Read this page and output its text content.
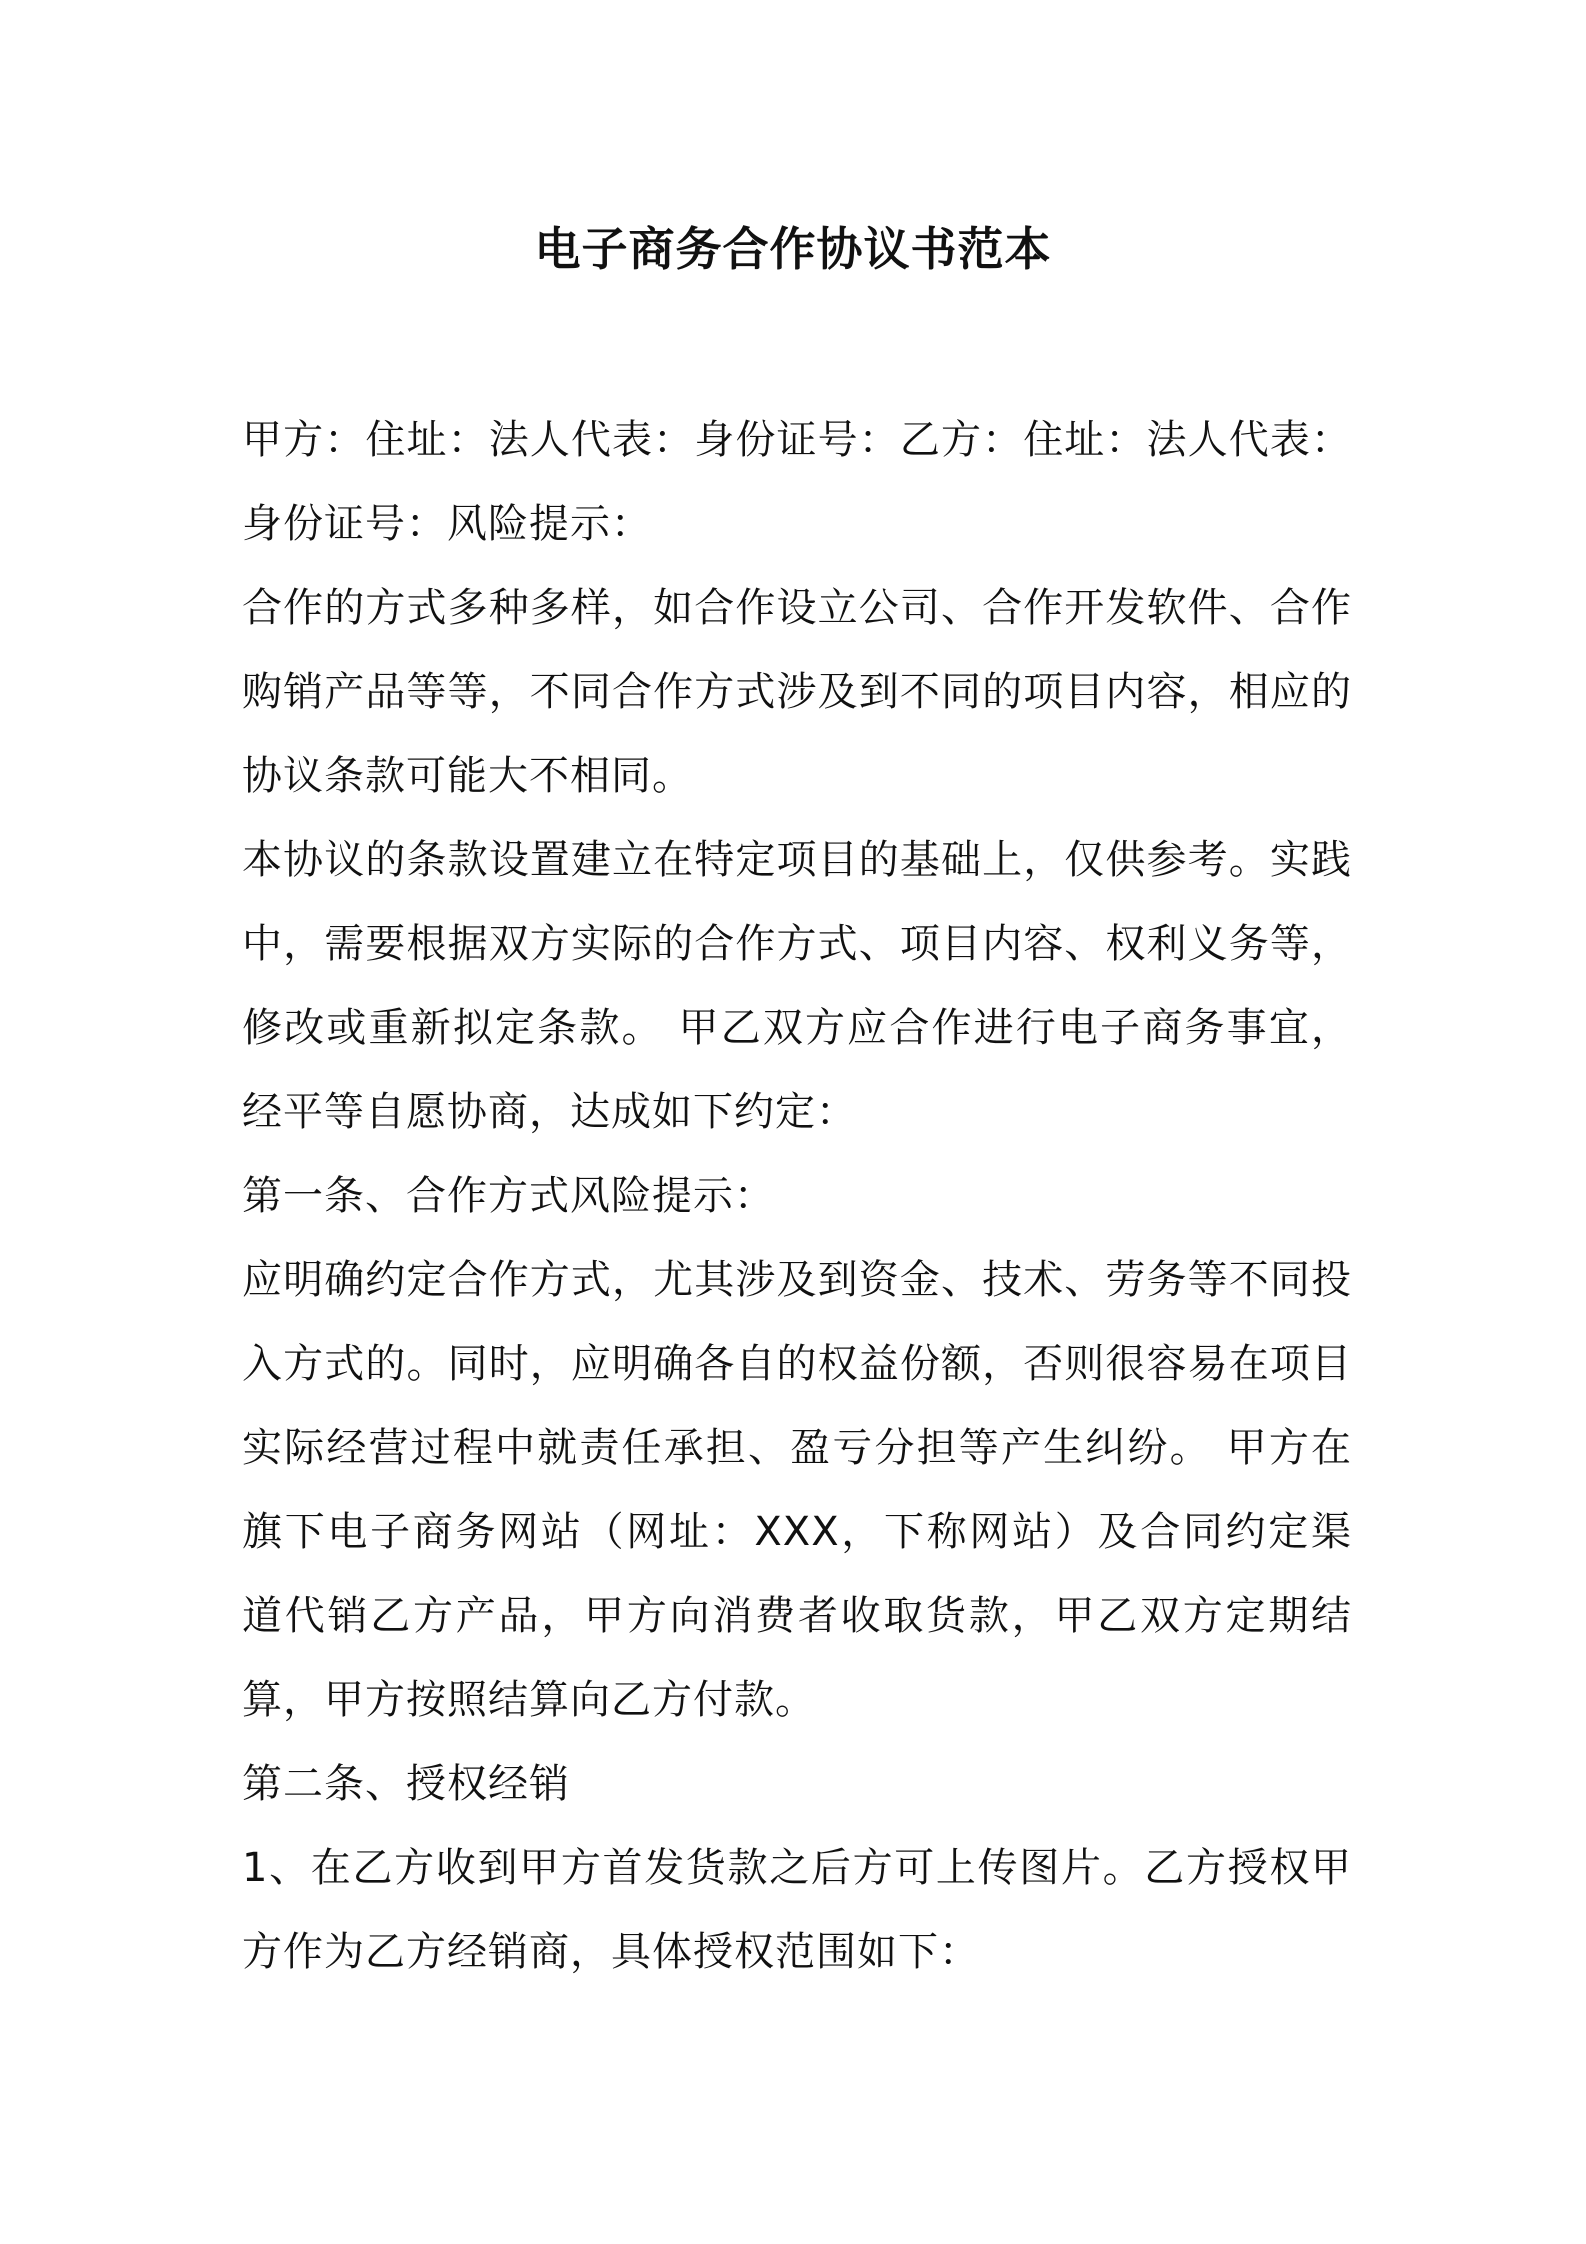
电子商务合作协议书范本

甲方：住址：法人代表：身份证号：乙方：住址：法人代表：身份证号：风险提示：

合作的方式多种多样，如合作设立公司、合作开发软件、合作购销产品等等，不同合作方式涉及到不同的项目内容，相应的协议条款可能大不相同。

本协议的条款设置建立在特定项目的基础上，仅供参考。实践中，需要根据双方实际的合作方式、项目内容、权利义务等，修改或重新拟定条款。 甲乙双方应合作进行电子商务事宜，经平等自愿协商，达成如下约定：

第一条、合作方式风险提示：

应明确约定合作方式，尤其涉及到资金、技术、劳务等不同投入方式的。同时，应明确各自的权益份额，否则很容易在项目实际经营过程中就责任承担、盈亏分担等产生纠纷。 甲方在旗下电子商务网站（网址：XXX，下称网站）及合同约定渠道代销乙方产品，甲方向消费者收取货款，甲乙双方定期结算，甲方按照结算向乙方付款。

第二条、授权经销

1、在乙方收到甲方首发货款之后方可上传图片。乙方授权甲方作为乙方经销商，具体授权范围如下：
